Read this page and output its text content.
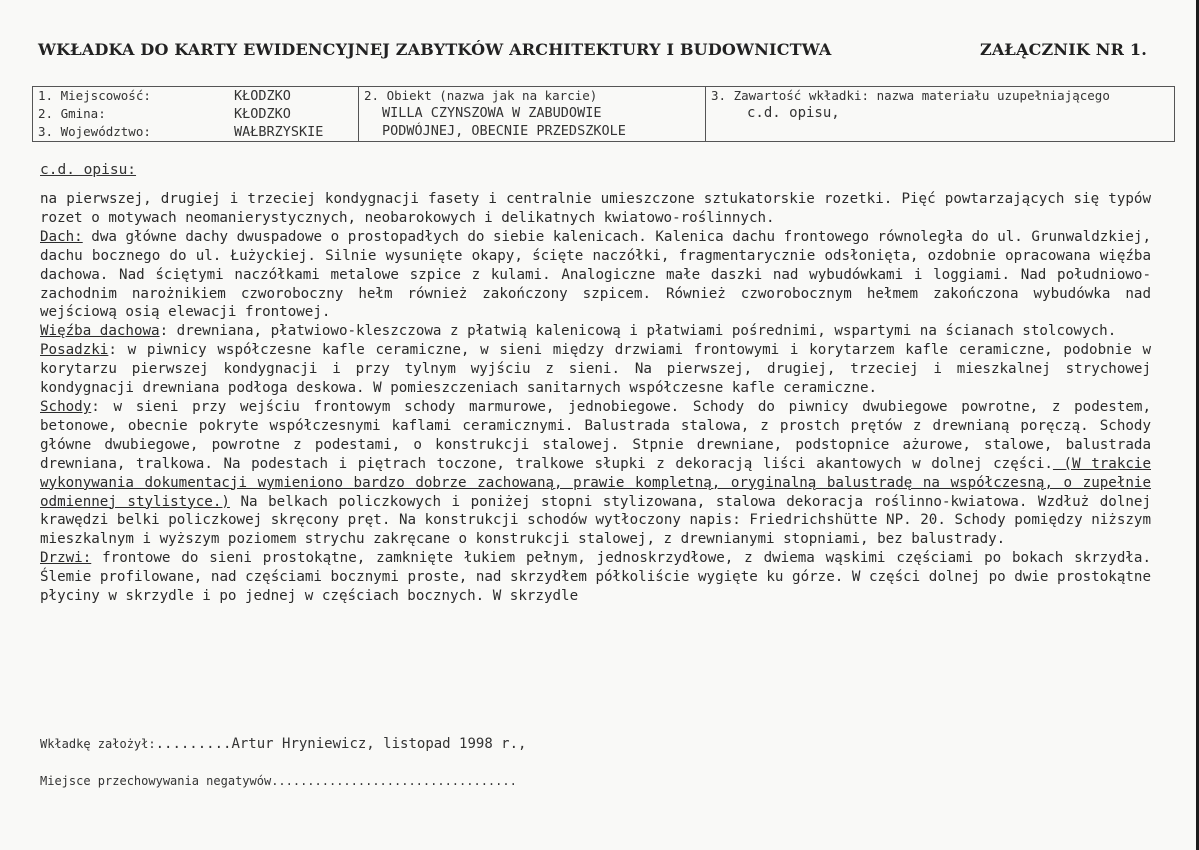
WKŁADKA DO KARTY EWIDENCYJNEJ ZABYTKÓW ARCHITEKTURY I BUDOWNICTWA	ZAŁĄCZNIK NR 1.
1. Miejscowość:	KŁODZKO
2. Gmina:	KŁODZKO
3. Województwo:	WAŁBRZYSKIE

2. Obiekt (nazwa jak na karcie)
WILLA CZYNSZOWA W ZABUDOWIE
PODWÓJNEJ, OBECNIE PRZEDSZKOLE

3. Zawartość wkładki: nazwa materiału uzupełniającego
c.d. opisu,
c.d. opisu:

na pierwszej, drugiej i trzeciej kondygnacji fasety i centralnie umieszczone sztukatorskie rozetki. Pięć powtarzających się typów rozet o motywach neomanierystycznych, neobarokowych i delikatnych kwiatowo-roślinnych.

Dach: dwa główne dachy dwuspadowe o prostopadłych do siebie kalenicach. Kalenica dachu frontowego równoległa do ul. Grunwaldzkiej, dachu bocznego do ul. Łużyckiej. Silnie wysunięte okapy, ścięte naczółki, fragmentarycznie odsłonięta, ozdobnie opracowana więźba dachowa. Nad ściętymi naczółkami metalowe szpice z kulami. Analogiczne małe daszki nad wybudówkami i loggiami. Nad południowo-zachodnim narożnikiem czworoboczny hełm również zakończony szpicem. Również czworobocznym hełmem zakończona wybudówka nad wejściową osią elewacji frontowej.

Więźba dachowa: drewniana, płatwiowo-kleszczowa z płatwią kalenicową i płatwiami pośrednimi, wspartymi na ścianach stolcowych.

Posadzki: w piwnicy współczesne kafle ceramiczne, w sieni między drzwiami frontowymi i korytarzem kafle ceramiczne, podobnie w korytarzu pierwszej kondygnacji i przy tylnym wyjściu z sieni. Na pierwszej, drugiej, trzeciej i mieszkalnej strychowej kondygnacji drewniana podłoga deskowa. W pomieszczeniach sanitarnych współczesne kafle ceramiczne.

Schody: w sieni przy wejściu frontowym schody marmurowe, jednobiegowe. Schody do piwnicy dwubiegowe powrotne, z podestem, betonowe, obecnie pokryte współczesnymi kaflami ceramicznymi. Balustrada stalowa, z prostch prętów z drewnianą poręczą. Schody główne dwubiegowe, powrotne z podestami, o konstrukcji stalowej. Stpnie drewniane, podstopnice ażurowe, stalowe, balustrada drewniana, tralkowa. Na podestach i piętrach toczone, tralkowe słupki z dekoracją liści akantowych w dolnej części. (W trakcie wykonywania dokumentacji wymieniono bardzo dobrze zachowaną, prawie kompletną, oryginalną balustradę na współczesną, o zupełnie odmiennej stylistyce.) Na belkach policzkowych i poniżej stopni stylizowana, stalowa dekoracja roślinno-kwiatowa. Wzdłuż dolnej krawędzi belki policzkowej skręcony pręt. Na konstrukcji schodów wytłoczony napis: Friedrichshütte NP. 20. Schody pomiędzy niższym mieszkalnym i wyższym poziomem strychu zakręcane o konstrukcji stalowej, z drewnianymi stopniami, bez balustrady.

Drzwi: frontowe do sieni prostokątne, zamknięte łukiem pełnym, jednoskrzydłowe, z dwiema wąskimi częściami po bokach skrzydła. Ślemie profilowane, nad częściami bocznymi proste, nad skrzydłem półkoliście wygięte ku górze. W części dolnej po dwie prostokątne płyciny w skrzydle i po jednej w częściach bocznych. W skrzydle

Wkładkę założył:.........Artur Hryniewicz, listopad 1998 r.,
Miejsce przechowywania negatywów..................................
